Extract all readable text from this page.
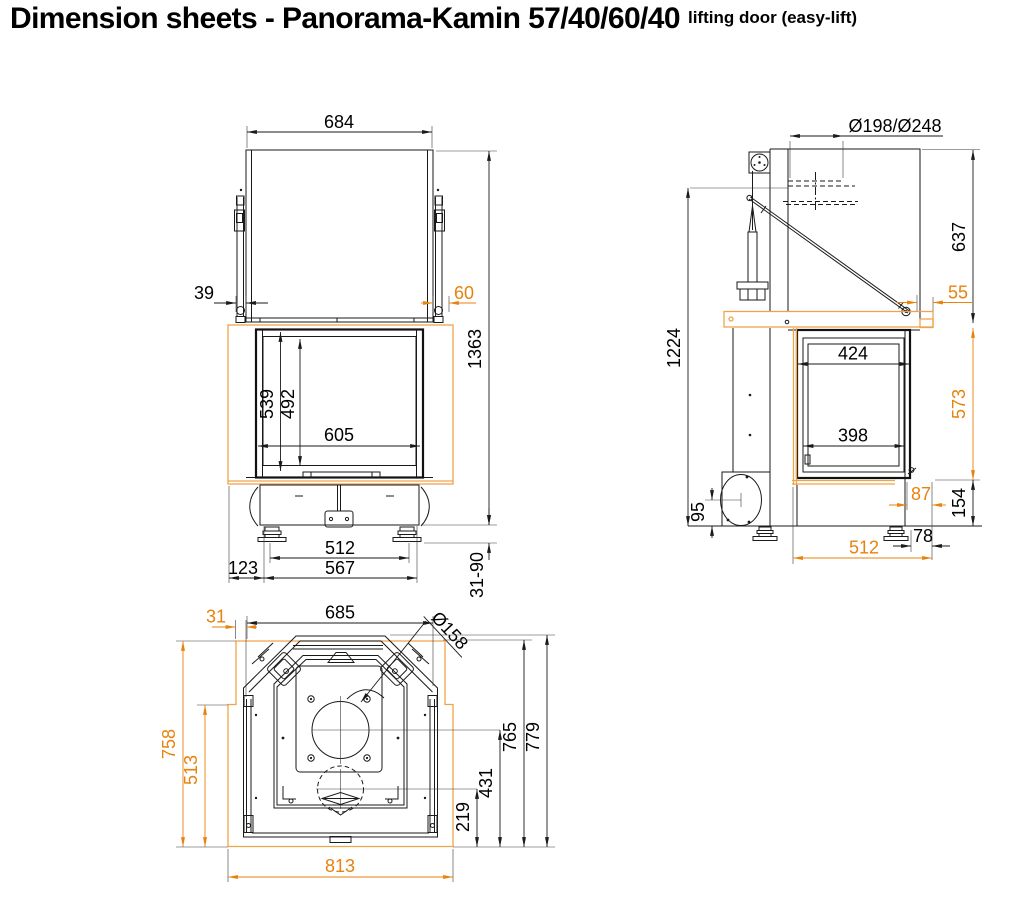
Dimension sheets - Panorama-Kamin 57/40/60/40 lifting door (easy-lift)
684
39	60
539 492
605
512
567
123
1363
31-90
Ø198/Ø248
637
55
1224	424
398
573
154
87
78
512
95
685
31	Ø158
765 779
758
513	431
219
813
